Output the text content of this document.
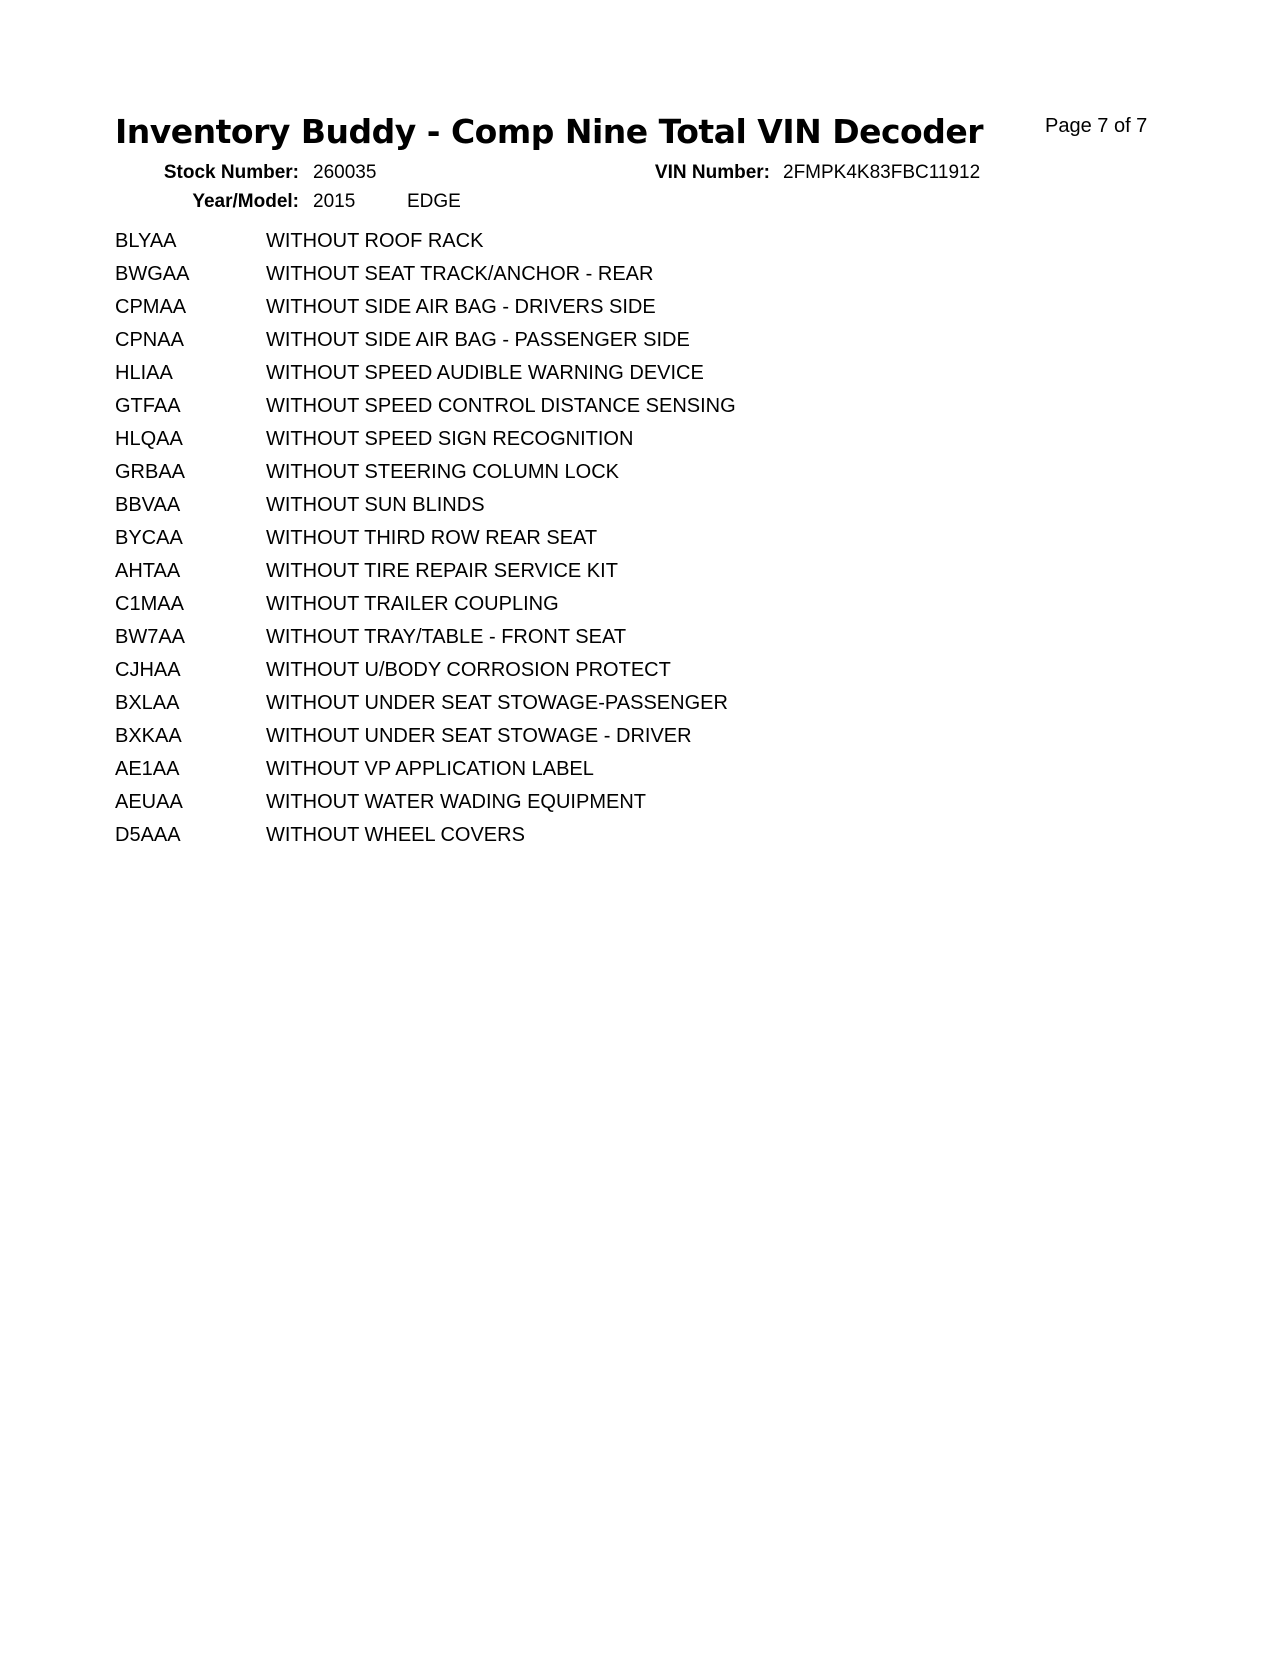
Inventory Buddy - Comp Nine Total VIN Decoder	Page 7 of 7
Stock Number: 260035	VIN Number: 2FMPK4K83FBC11912
Year/Model: 2015	EDGE
BLYAA	WITHOUT ROOF RACK
BWGAA	WITHOUT SEAT TRACK/ANCHOR - REAR
CPMAA	WITHOUT SIDE AIR BAG - DRIVERS SIDE
CPNAA	WITHOUT SIDE AIR BAG - PASSENGER SIDE
HLIAA	WITHOUT SPEED AUDIBLE WARNING DEVICE
GTFAA	WITHOUT SPEED CONTROL DISTANCE SENSING
HLQAA	WITHOUT SPEED SIGN RECOGNITION
GRBAA	WITHOUT STEERING COLUMN LOCK
BBVAA	WITHOUT SUN BLINDS
BYCAA	WITHOUT THIRD ROW REAR SEAT
AHTAA	WITHOUT TIRE REPAIR SERVICE KIT
C1MAA	WITHOUT TRAILER COUPLING
BW7AA	WITHOUT TRAY/TABLE - FRONT SEAT
CJHAA	WITHOUT U/BODY CORROSION PROTECT
BXLAA	WITHOUT UNDER SEAT STOWAGE-PASSENGER
BXKAA	WITHOUT UNDER SEAT STOWAGE - DRIVER
AE1AA	WITHOUT VP APPLICATION LABEL
AEUAA	WITHOUT WATER WADING EQUIPMENT
D5AAA	WITHOUT WHEEL COVERS
